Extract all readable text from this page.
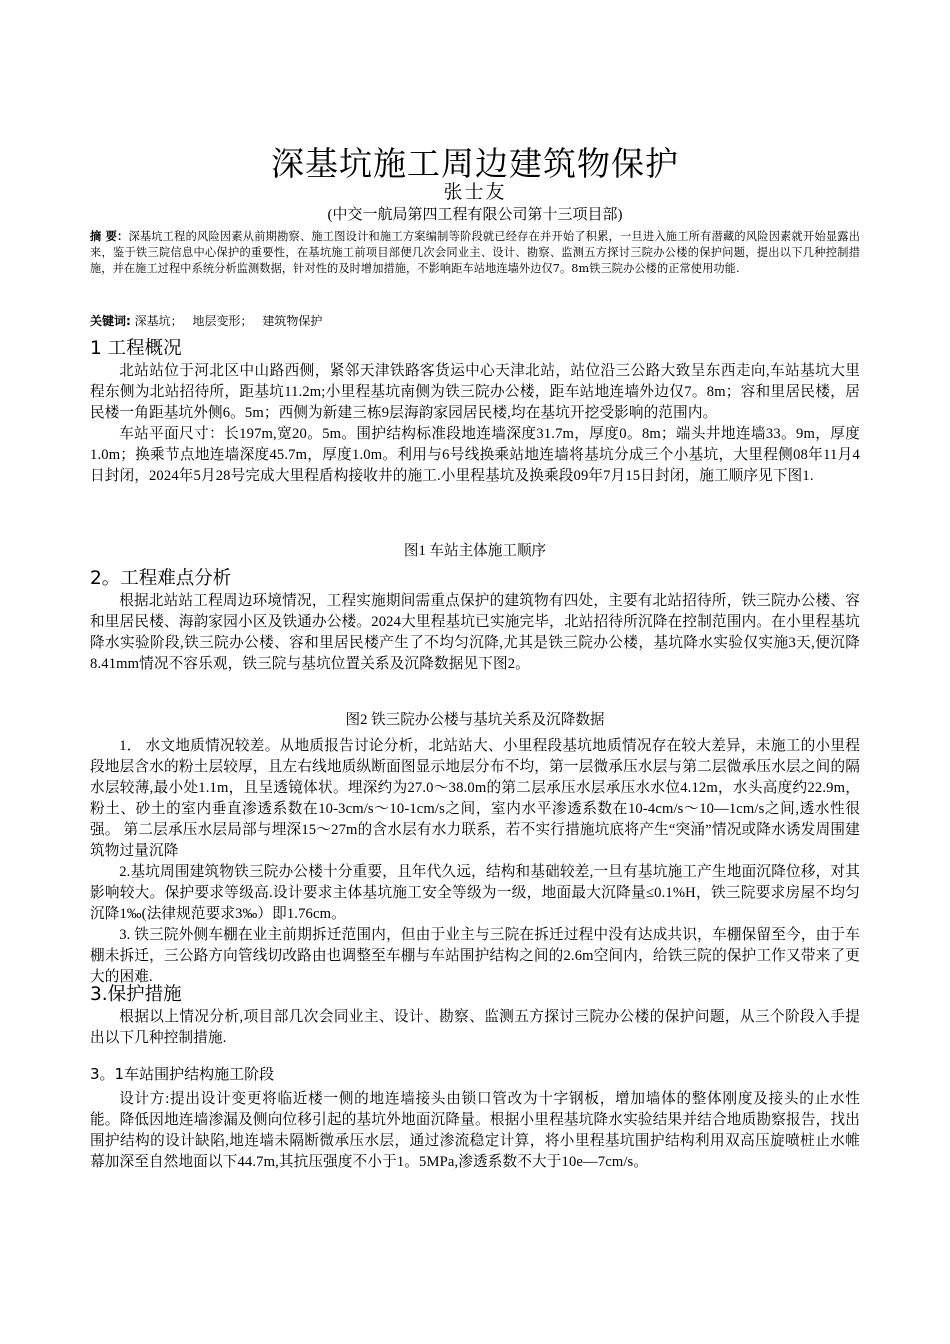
深基坑施工周边建筑物保护
张士友
(中交一航局第四工程有限公司第十三项目部)
摘 要：深基坑工程的风险因素从前期勘察、施工图设计和施工方案编制等阶段就已经存在并开始了积累，一旦进入施工所有潜藏的风险因素就开始显露出来，鉴于铁三院信息中心保护的重要性，在基坑施工前项目部便几次会同业主、设计、勘察、监测五方探讨三院办公楼的保护问题，提出以下几种控制措施，并在施工过程中系统分析监测数据，针对性的及时增加措施，不影响距车站地连墙外边仅7。8m铁三院办公楼的正常使用功能.
关键词: 深基坑； 地层变形； 建筑物保护
1 工程概况

北站站位于河北区中山路西侧，紧邻天津铁路客货运中心天津北站，站位沿三公路大致呈东西走向,车站基坑大里程东侧为北站招待所，距基坑11.2m;小里程基坑南侧为铁三院办公楼，距车站地连墙外边仅7。8m；容和里居民楼，居民楼一角距基坑外侧6。5m；西侧为新建三栋9层海韵家园居民楼,均在基坑开挖受影响的范围内。

车站平面尺寸：长197m,宽20。5m。围护结构标准段地连墙深度31.7m，厚度0。8m；端头井地连墙33。9m，厚度1.0m；换乘节点地连墙深度45.7m，厚度1.0m。利用与6号线换乘站地连墙将基坑分成三个小基坑，大里程侧08年11月4日封闭，2024年5月28号完成大里程盾构接收井的施工.小里程基坑及换乘段09年7月15日封闭，施工顺序见下图1.

图1 车站主体施工顺序

2。工程难点分析

根据北站站工程周边环境情况，工程实施期间需重点保护的建筑物有四处，主要有北站招待所，铁三院办公楼、容和里居民楼、海韵家园小区及铁通办公楼。2024大里程基坑已实施完毕，北站招待所沉降在控制范围内。在小里程基坑降水实验阶段,铁三院办公楼、容和里居民楼产生了不均匀沉降,尤其是铁三院办公楼，基坑降水实验仅实施3天,便沉降8.41mm情况不容乐观，铁三院与基坑位置关系及沉降数据见下图2。

图2 铁三院办公楼与基坑关系及沉降数据

1． 水文地质情况较差。从地质报告讨论分析，北站站大、小里程段基坑地质情况存在较大差异，未施工的小里程段地层含水的粉土层较厚，且左右线地质纵断面图显示地层分布不均，第一层微承压水层与第二层微承压水层之间的隔水层较薄,最小处1.1m，且呈透镜体状。埋深约为27.0～38.0m的第二层承压水层承压水水位4.12m，水头高度约22.9m， 粉土、砂土的室内垂直渗透系数在10-3cm/s～10-1cm/s之间，室内水平渗透系数在10-4cm/s～10—1cm/s之间,透水性很强。 第二层承压水层局部与埋深15～27m的含水层有水力联系，若不实行措施坑底将产生“突涌”情况或降水诱发周围建筑物过量沉降

2.基坑周围建筑物铁三院办公楼十分重要，且年代久远，结构和基础较差,一旦有基坑施工产生地面沉降位移，对其影响较大。保护要求等级高.设计要求主体基坑施工安全等级为一级，地面最大沉降量≤0.1%H，铁三院要求房屋不均匀沉降1‰(法律规范要求3‰）即1.76cm。

3. 铁三院外侧车棚在业主前期拆迁范围内，但由于业主与三院在拆迁过程中没有达成共识，车棚保留至今，由于车棚未拆迁，三公路方向管线切改路由也调整至车棚与车站围护结构之间的2.6m空间内，给铁三院的保护工作又带来了更大的困难.

3.保护措施

根据以上情况分析,项目部几次会同业主、设计、勘察、监测五方探讨三院办公楼的保护问题，从三个阶段入手提出以下几种控制措施.

3。1车站围护结构施工阶段

设计方:提出设计变更将临近楼一侧的地连墙接头由锁口管改为十字钢板，增加墙体的整体刚度及接头的止水性能。降低因地连墙渗漏及侧向位移引起的基坑外地面沉降量。根据小里程基坑降水实验结果并结合地质勘察报告，找出围护结构的设计缺陷,地连墙未隔断微承压水层，通过渗流稳定计算，将小里程基坑围护结构利用双高压旋喷桩止水帷幕加深至自然地面以下44.7m,其抗压强度不小于1。5MPa,渗透系数不大于10e—7cm/s。
